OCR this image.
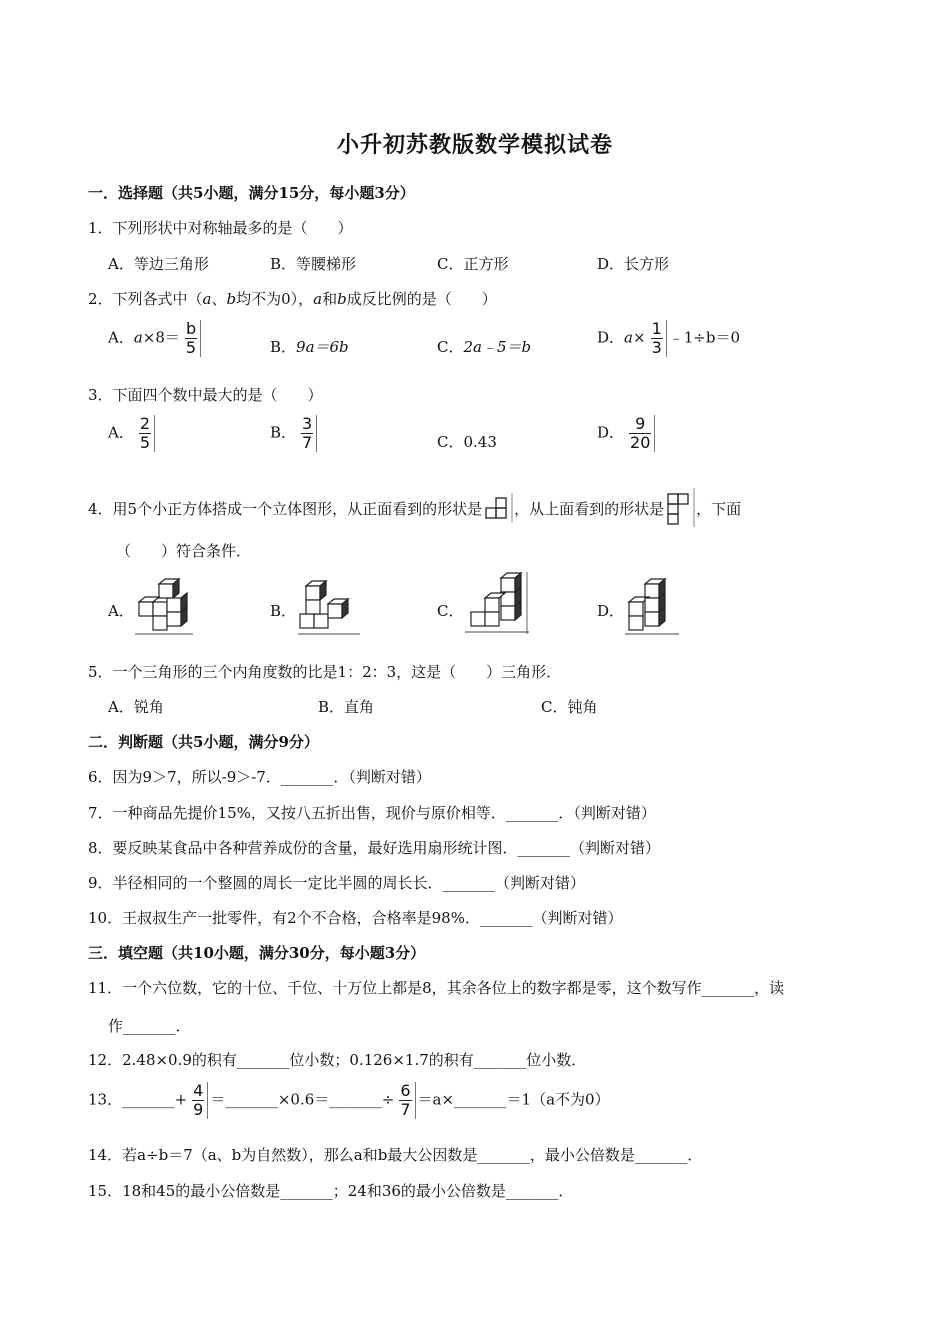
小升初苏教版数学模拟试卷
一．选择题（共5小题，满分15分，每小题3分）
1．下列形状中对称轴最多的是（　　）
A．等边三角形	B．等腰梯形	C．正方形	D．长方形
2．下列各式中（a、b均不为0），a和b成反比例的是（　　）
A．$a\times 8= \frac{b}{5}$	B．9a＝6b	C．2a﹣5＝b
D．$a\times \frac{1}{3}$ ﹣1÷b＝0
3．下面四个数中最大的是（　　）
A． $\frac{2}{5}$	B． $\frac{3}{7}$	C．0.43
D． $\frac{9}{20}$
4．用5个小正方体搭成一个立体图形，从正面看到的形状是 ，从上面看到的形状是 ，下面
（　　）符合条件．
A．	B．	C．	D．
5．一个三角形的三个内角度数的比是1：2：3，这是（　　）三角形．
A．锐角	B．直角	C．钝角
二．判断题（共5小题，满分9分）
6．因为9＞7，所以-9＞-7．_______．（判断对错）
7．一种商品先提价15%，又按八五折出售，现价与原价相等．_______．（判断对错）
8．要反映某食品中各种营养成份的含量，最好选用扇形统计图．_______（判断对错）
9．半径相同的一个整圆的周长一定比半圆的周长长．_______（判断对错）
10．王叔叔生产一批零件，有2个不合格，合格率是98%．_______（判断对错）
三．填空题（共10小题，满分30分，每小题3分）
11．一个六位数，它的十位、千位、十万位上都是8，其余各位上的数字都是零，这个数写作_______，读
作_______．
12．2.48×0.9的积有_______位小数；0.126×1.7的积有_______位小数．
13．_______+ $\frac{4}{9}$ ＝_______×0.6＝_______÷ $\frac{6}{7}$ ＝a×_______＝1（a不为0）
14．若a÷b＝7（a、b为自然数），那么a和b最大公因数是_______，最小公倍数是_______．
15．18和45的最小公倍数是_______；24和36的最小公倍数是_______．
